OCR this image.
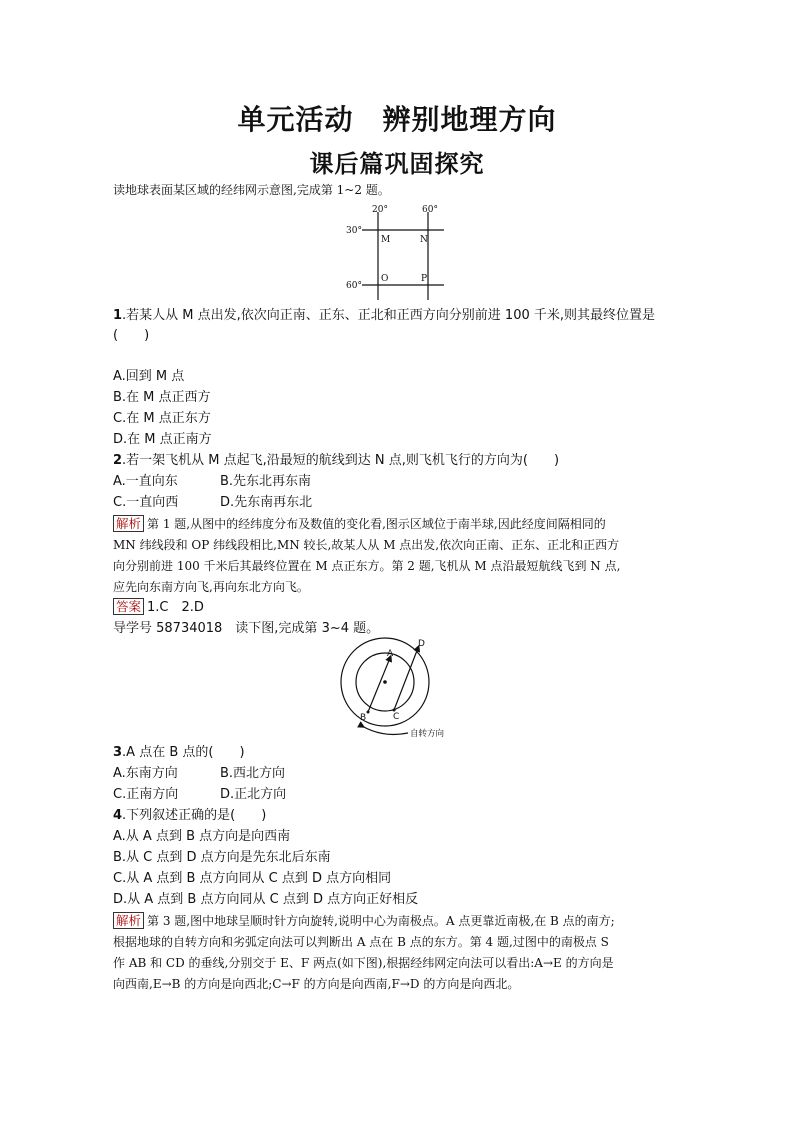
单元活动　辨别地理方向
课后篇巩固探究
读地球表面某区域的经纬网示意图,完成第 1~2 题。
20°	60°
30°
60°
M	N
O	P
1.若某人从 M 点出发,依次向正南、正东、正北和正西方向分别前进 100 千米,则其最终位置是
(　　)
A.回到 M 点
B.在 M 点正西方
C.在 M 点正东方
D.在 M 点正南方
2.若一架飞机从 M 点起飞,沿最短的航线到达 N 点,则飞机飞行的方向为(　　)
A.一直向东	B.先东北再东南
C.一直向西	D.先东南再东北
解析 第 1 题,从图中的经纬度分布及数值的变化看,图示区域位于南半球,因此经度间隔相同的
MN 纬线段和 OP 纬线段相比,MN 较长,故某人从 M 点出发,依次向正南、正东、正北和正西方
向分别前进 100 千米后其最终位置在 M 点正东方。第 2 题,飞机从 M 点沿最短航线飞到 N 点,
应先向东南方向飞,再向东北方向飞。
答案 1.C　2.D
导学号 58734018　读下图,完成第 3~4 题。
A
B	C
D
自转方向
3.A 点在 B 点的(　　)
A.东南方向	B.西北方向
C.正南方向	D.正北方向
4.下列叙述正确的是(　　)
A.从 A 点到 B 点方向是向西南
B.从 C 点到 D 点方向是先东北后东南
C.从 A 点到 B 点方向同从 C 点到 D 点方向相同
D.从 A 点到 B 点方向同从 C 点到 D 点方向正好相反
解析 第 3 题,图中地球呈顺时针方向旋转,说明中心为南极点。A 点更靠近南极,在 B 点的南方;
根据地球的自转方向和劣弧定向法可以判断出 A 点在 B 点的东方。第 4 题,过图中的南极点 S
作 AB 和 CD 的垂线,分别交于 E、F 两点(如下图),根据经纬网定向法可以看出:A→E 的方向是
向西南,E→B 的方向是向西北;C→F 的方向是向西南,F→D 的方向是向西北。
